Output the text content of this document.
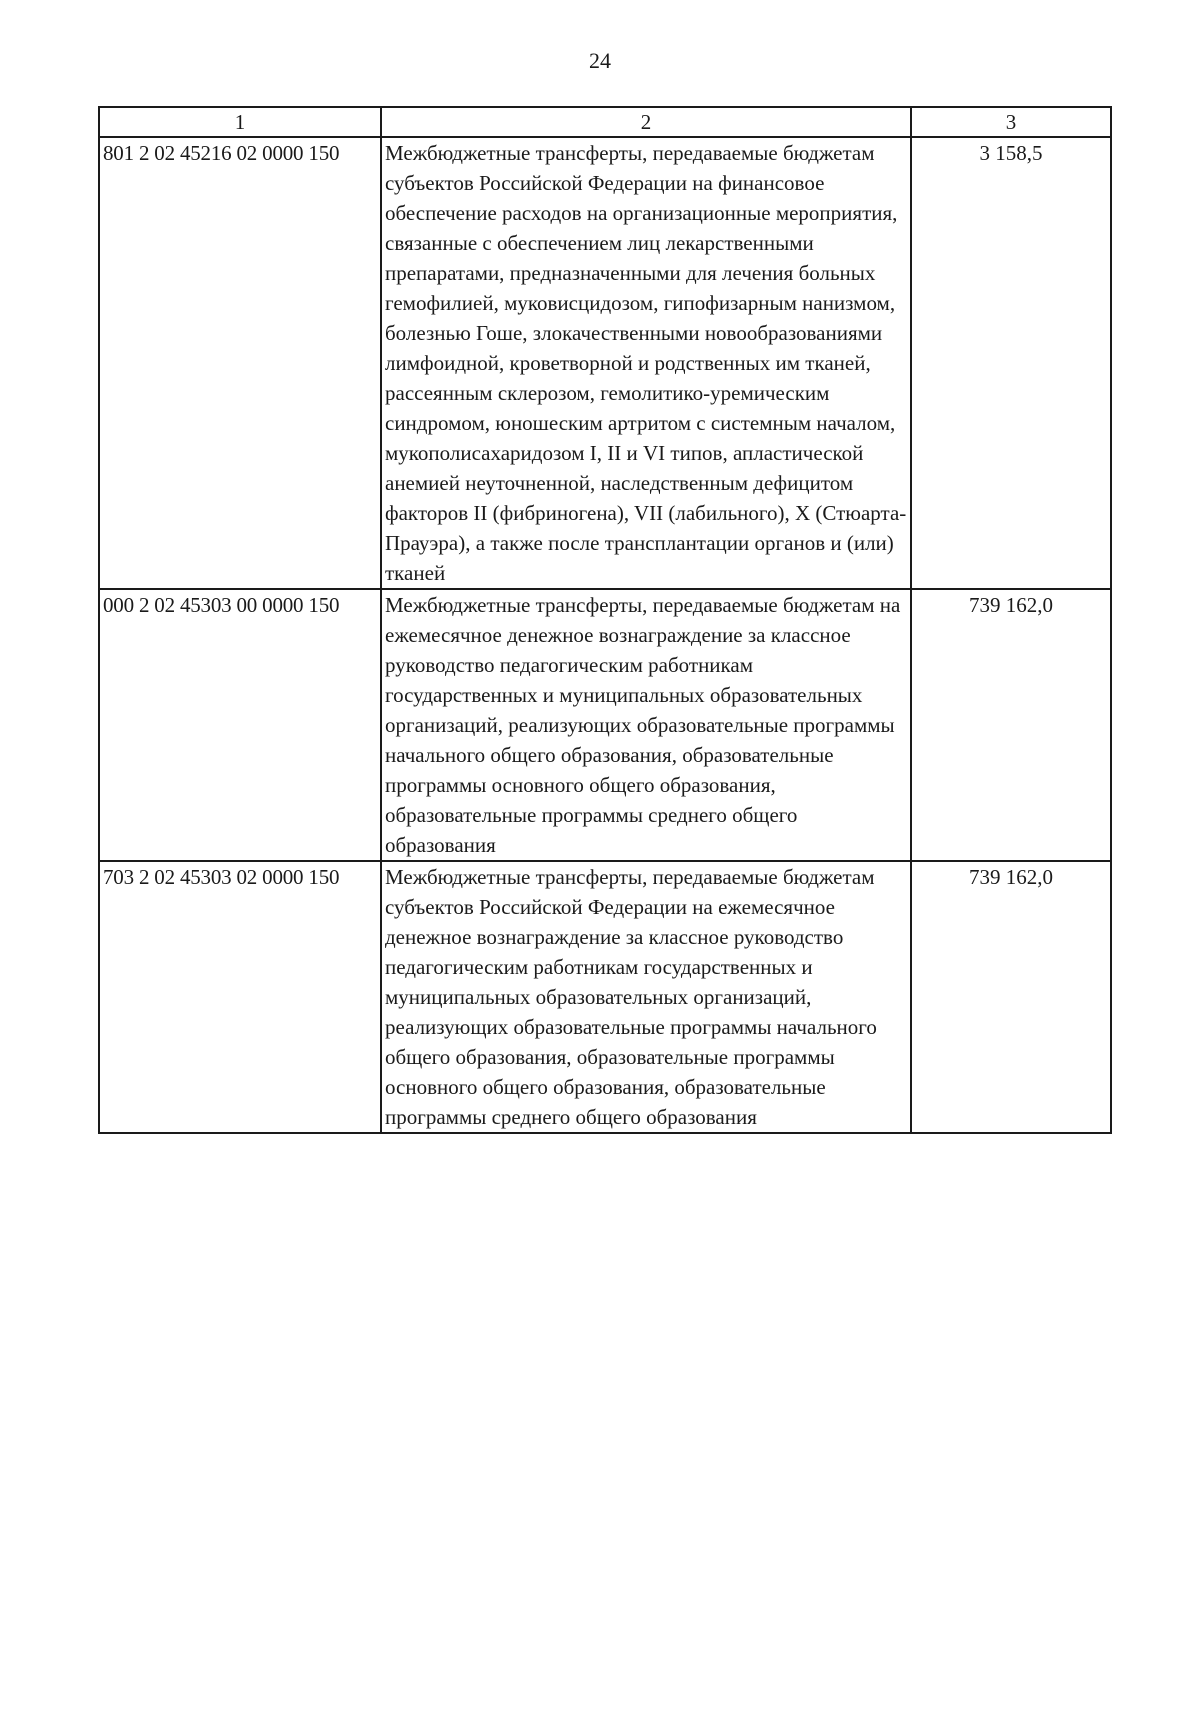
24
1	2	3
801 2 02 45216 02 0000 150	Межбюджетные трансферты, передаваемые бюджетам субъектов Российской Федерации на финансовое обеспечение расходов на организационные мероприятия, связанные с обеспечением лиц лекарственными препаратами, предназначенными для лечения больных гемофилией, муковисцидозом, гипофизарным нанизмом, болезнью Гоше, злокачественными новообразованиями лимфоидной, кроветворной и родственных им тканей, рассеянным склерозом, гемолитико-уремическим синдромом, юношеским артритом с системным началом, мукополисахаридозом I, II и VI типов, апластической анемией неуточненной, наследственным дефицитом факторов II (фибриногена), VII (лабильного), X (Стюарта-Прауэра), а также после трансплантации органов и (или) тканей	3 158,5
000 2 02 45303 00 0000 150	Межбюджетные трансферты, передаваемые бюджетам на ежемесячное денежное вознаграждение за классное руководство педагогическим работникам государственных и муниципальных образовательных организаций, реализующих образовательные программы начального общего образования, образовательные программы основного общего образования, образовательные программы среднего общего образования	739 162,0
703 2 02 45303 02 0000 150	Межбюджетные трансферты, передаваемые бюджетам субъектов Российской Федерации на ежемесячное денежное вознаграждение за классное руководство педагогическим работникам государственных и муниципальных образовательных организаций, реализующих образовательные программы начального общего образования, образовательные программы основного общего образования, образовательные программы среднего общего образования	739 162,0
